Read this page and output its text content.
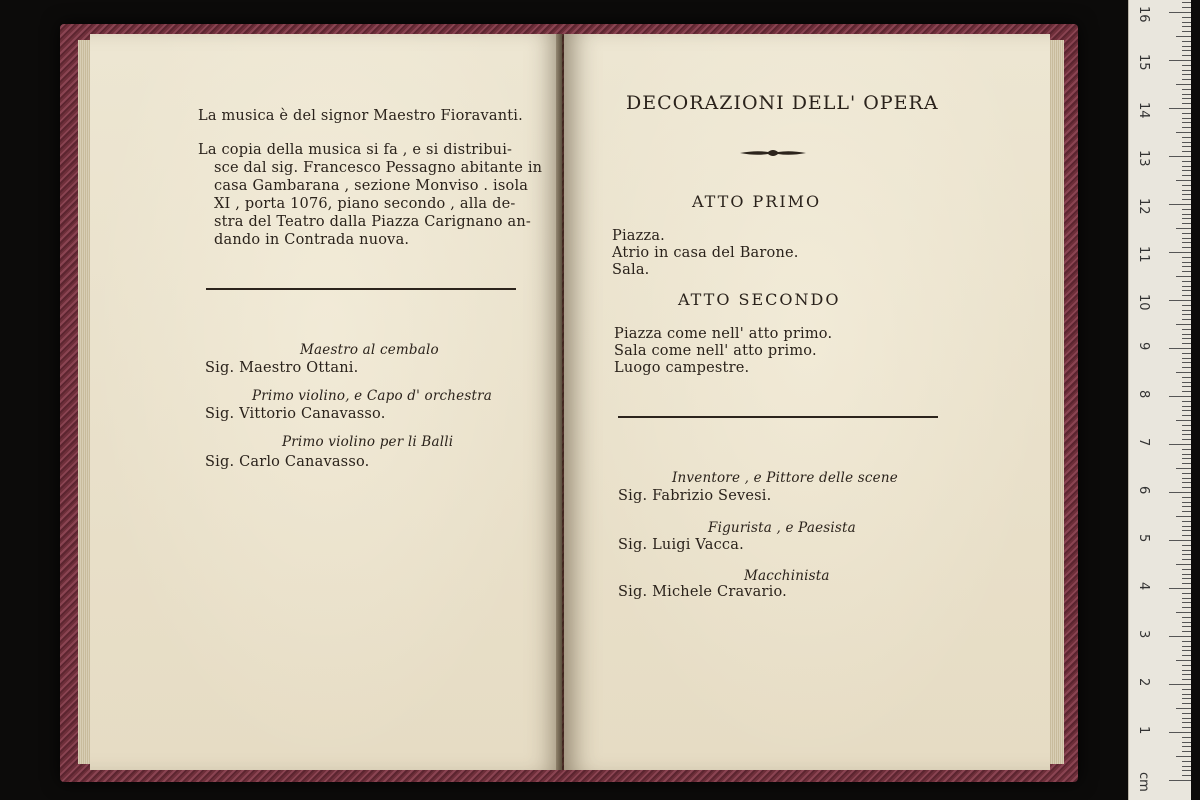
La musica è del signor Maestro Fioravanti.
La copia della musica si fa , e si distribui-
sce dal sig. Francesco Pessagno abitante in
casa Gambarana , sezione Monviso . isola
XI , porta 1076, piano secondo , alla de-
stra del Teatro dalla Piazza Carignano an-
dando in Contrada nuova.
Maestro al cembalo
Sig. Maestro Ottani.
Primo violino, e Capo d' orchestra
Sig. Vittorio Canavasso.
Primo violino per li Balli
Sig. Carlo Canavasso.
DECORAZIONI DELL' OPERA
ATTO PRIMO
Piazza.
Atrio in casa del Barone.
Sala.
ATTO SECONDO
Piazza come nell' atto primo.
Sala come nell' atto primo.
Luogo campestre.
Inventore , e Pittore delle scene
Sig. Fabrizio Sevesi.
Figurista , e Paesista
Sig. Luigi Vacca.
Macchinista
Sig. Michele Cravario.
1
2
3
4
5
6
7
8
9
10
11
12
13
14
15
16
cm
